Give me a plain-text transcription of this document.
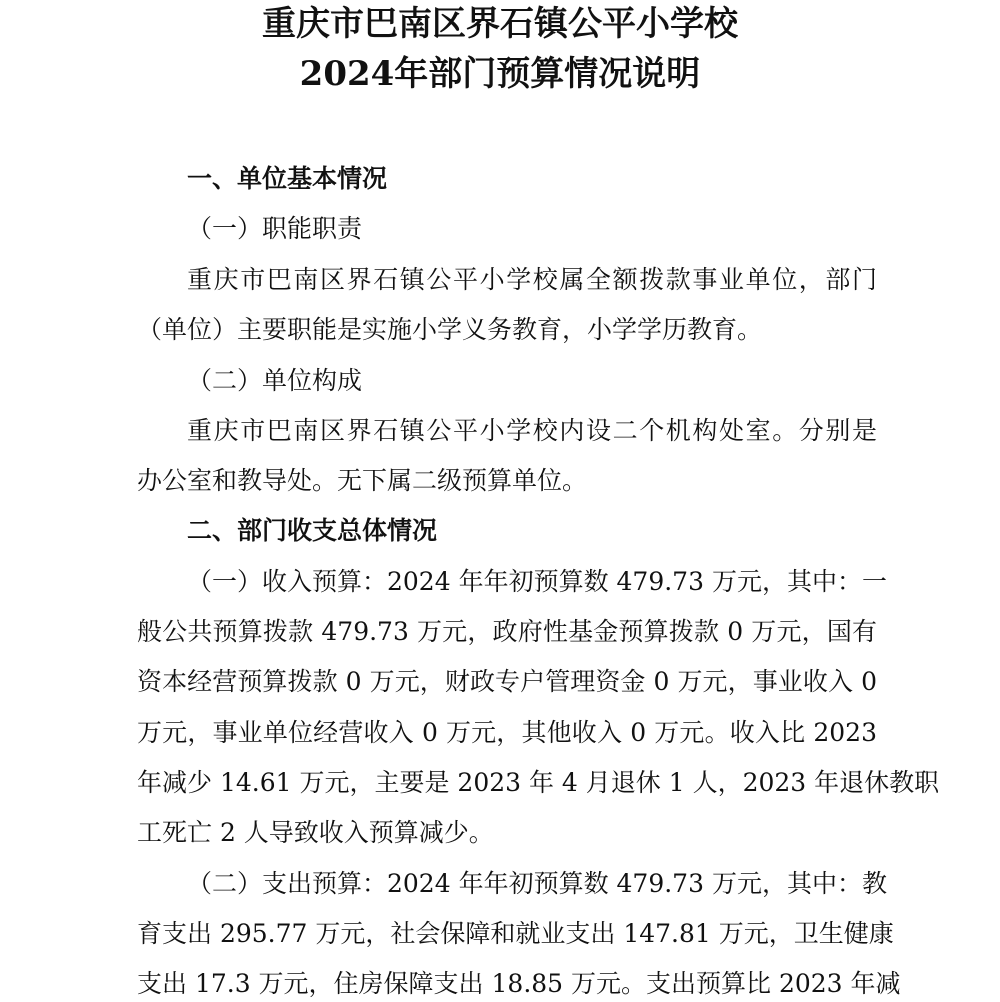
重庆市巴南区界石镇公平小学校
2024年部门预算情况说明
一、单位基本情况
（一）职能职责
重庆市巴南区界石镇公平小学校属全额拨款事业单位，部门
（单位）主要职能是实施小学义务教育，小学学历教育。
（二）单位构成
重庆市巴南区界石镇公平小学校内设二个机构处室。分别是
办公室和教导处。无下属二级预算单位。
二、部门收支总体情况
（一）收入预算：2024 年年初预算数 479.73 万元，其中：一
般公共预算拨款 479.73 万元，政府性基金预算拨款 0 万元，国有
资本经营预算拨款 0 万元，财政专户管理资金 0 万元，事业收入 0
万元，事业单位经营收入 0 万元，其他收入 0 万元。收入比 2023
年减少 14.61 万元，主要是 2023 年 4 月退休 1 人，2023 年退休教职
工死亡 2 人导致收入预算减少。
（二）支出预算：2024 年年初预算数 479.73 万元，其中：教
育支出 295.77 万元，社会保障和就业支出 147.81 万元，卫生健康
支出 17.3 万元，住房保障支出 18.85 万元。支出预算比 2023 年减
